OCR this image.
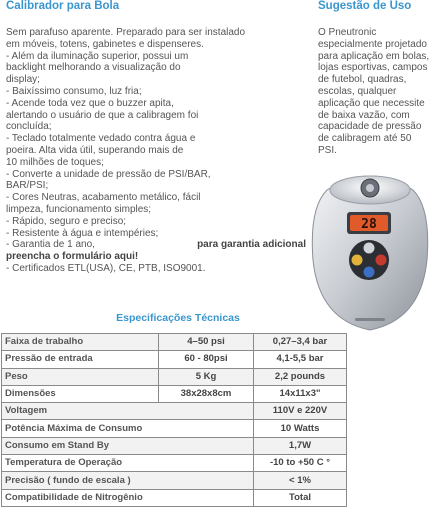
Calibrador para Bola	Sugestão de Uso
Sem parafuso aparente. Preparado para ser instalado
em móveis, totens, gabinetes e dispenseres.
- Além da iluminação superior, possui um
backlight melhorando a visualização do
display;
- Baixíssimo consumo, luz fria;
- Acende toda vez que o buzzer apita,
alertando o usuário de que a calibragem foi
concluída;
- Teclado totalmente vedado contra água e
poeira. Alta vida útil, superando mais de
10 milhões de toques;
- Converte a unidade de pressão de PSI/BAR,
BAR/PSI;
- Cores Neutras, acabamento metálico, fácil
limpeza, funcionamento simples;
- Rápido, seguro e preciso;
- Resistente à água e intempéries;
- Garantia de 1 ano,	para garantia adicional
preencha o formulário aqui!
- Certificados ETL(USA), CE, PTB, ISO9001.
O Pneutronic
especialmente projetado
para aplicação em bolas,
lojas esportivas, campos
de futebol, quadras,
escolas, qualquer
aplicação que necessite
de baixa vazão, com
capacidade de pressão
de calibragem até 50
PSI.
28
Especificações Técnicas
Faixa de trabalho	4–50 psi	0,27–3,4 bar
Pressão de entrada	60 - 80psi	4,1-5,5 bar
Peso	5 Kg	2,2 pounds
Dimensões	38x28x8cm	14x11x3"
Voltagem		110V e 220V
Potência Máxima de Consumo		10 Watts
Consumo em Stand By		1,7W
Temperatura de Operação		-10 to +50 C °
Precisão ( fundo de escala )		< 1%
Compatibilidade de Nitrogênio		Total
